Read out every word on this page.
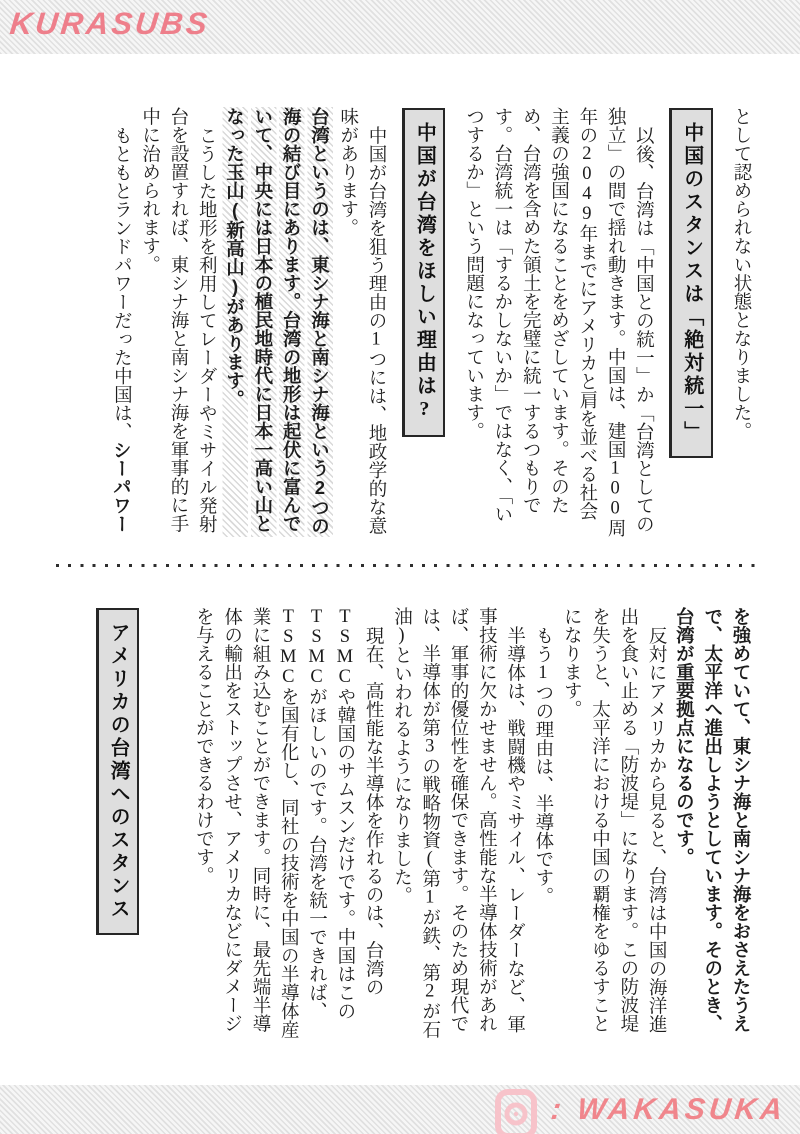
KURASUBS

として認められない状態となりました。

中国のスタンスは「絶対統一」

以後、台湾は「中国との統一」か「台湾としての独立」の間で揺れ動きます。中国は、建国100周年の2049年までにアメリカと肩を並べる社会主義の強国になることをめざしています。そのため、台湾を含めた領土を完璧に統一するつもりです。台湾統一は「するかしないか」ではなく、「いつするか」という問題になっています。

中国が台湾をほしい理由は?

中国が台湾を狙う理由の1つには、地政学的な意味があります。

台湾というのは、東シナ海と南シナ海という2つの海の結び目にあります。台湾の地形は起伏に富んでいて、中央には日本の植民地時代に日本一高い山となった玉山(新高山)があります。

こうした地形を利用してレーダーやミサイル発射台を設置すれば、東シナ海と南シナ海を軍事的に手中に治められます。

もともとランドパワーだった中国は、シーパワー

を強めていて、東シナ海と南シナ海をおさえたうえで、太平洋へ進出しようとしています。そのとき、台湾が重要拠点になるのです。

反対にアメリカから見ると、台湾は中国の海洋進出を食い止める「防波堤」になります。この防波堤を失うと、太平洋における中国の覇権をゆるすことになります。

もう1つの理由は、半導体です。

半導体は、戦闘機やミサイル、レーダーなど、軍事技術に欠かせません。高性能な半導体技術があれば、軍事的優位性を確保できます。そのため現代では、半導体が第3の戦略物資(第1が鉄、第2が石油)といわれるようになりました。

現在、高性能な半導体を作れるのは、台湾のTSMCや韓国のサムスンだけです。中国はこのTSMCがほしいのです。台湾を統一できれば、TSMCを国有化し、同社の技術を中国の半導体産業に組み込むことができます。同時に、最先端半導体の輸出をストップさせ、アメリカなどにダメージを与えることができるわけです。

アメリカの台湾へのスタンス
: WAKASUKA
